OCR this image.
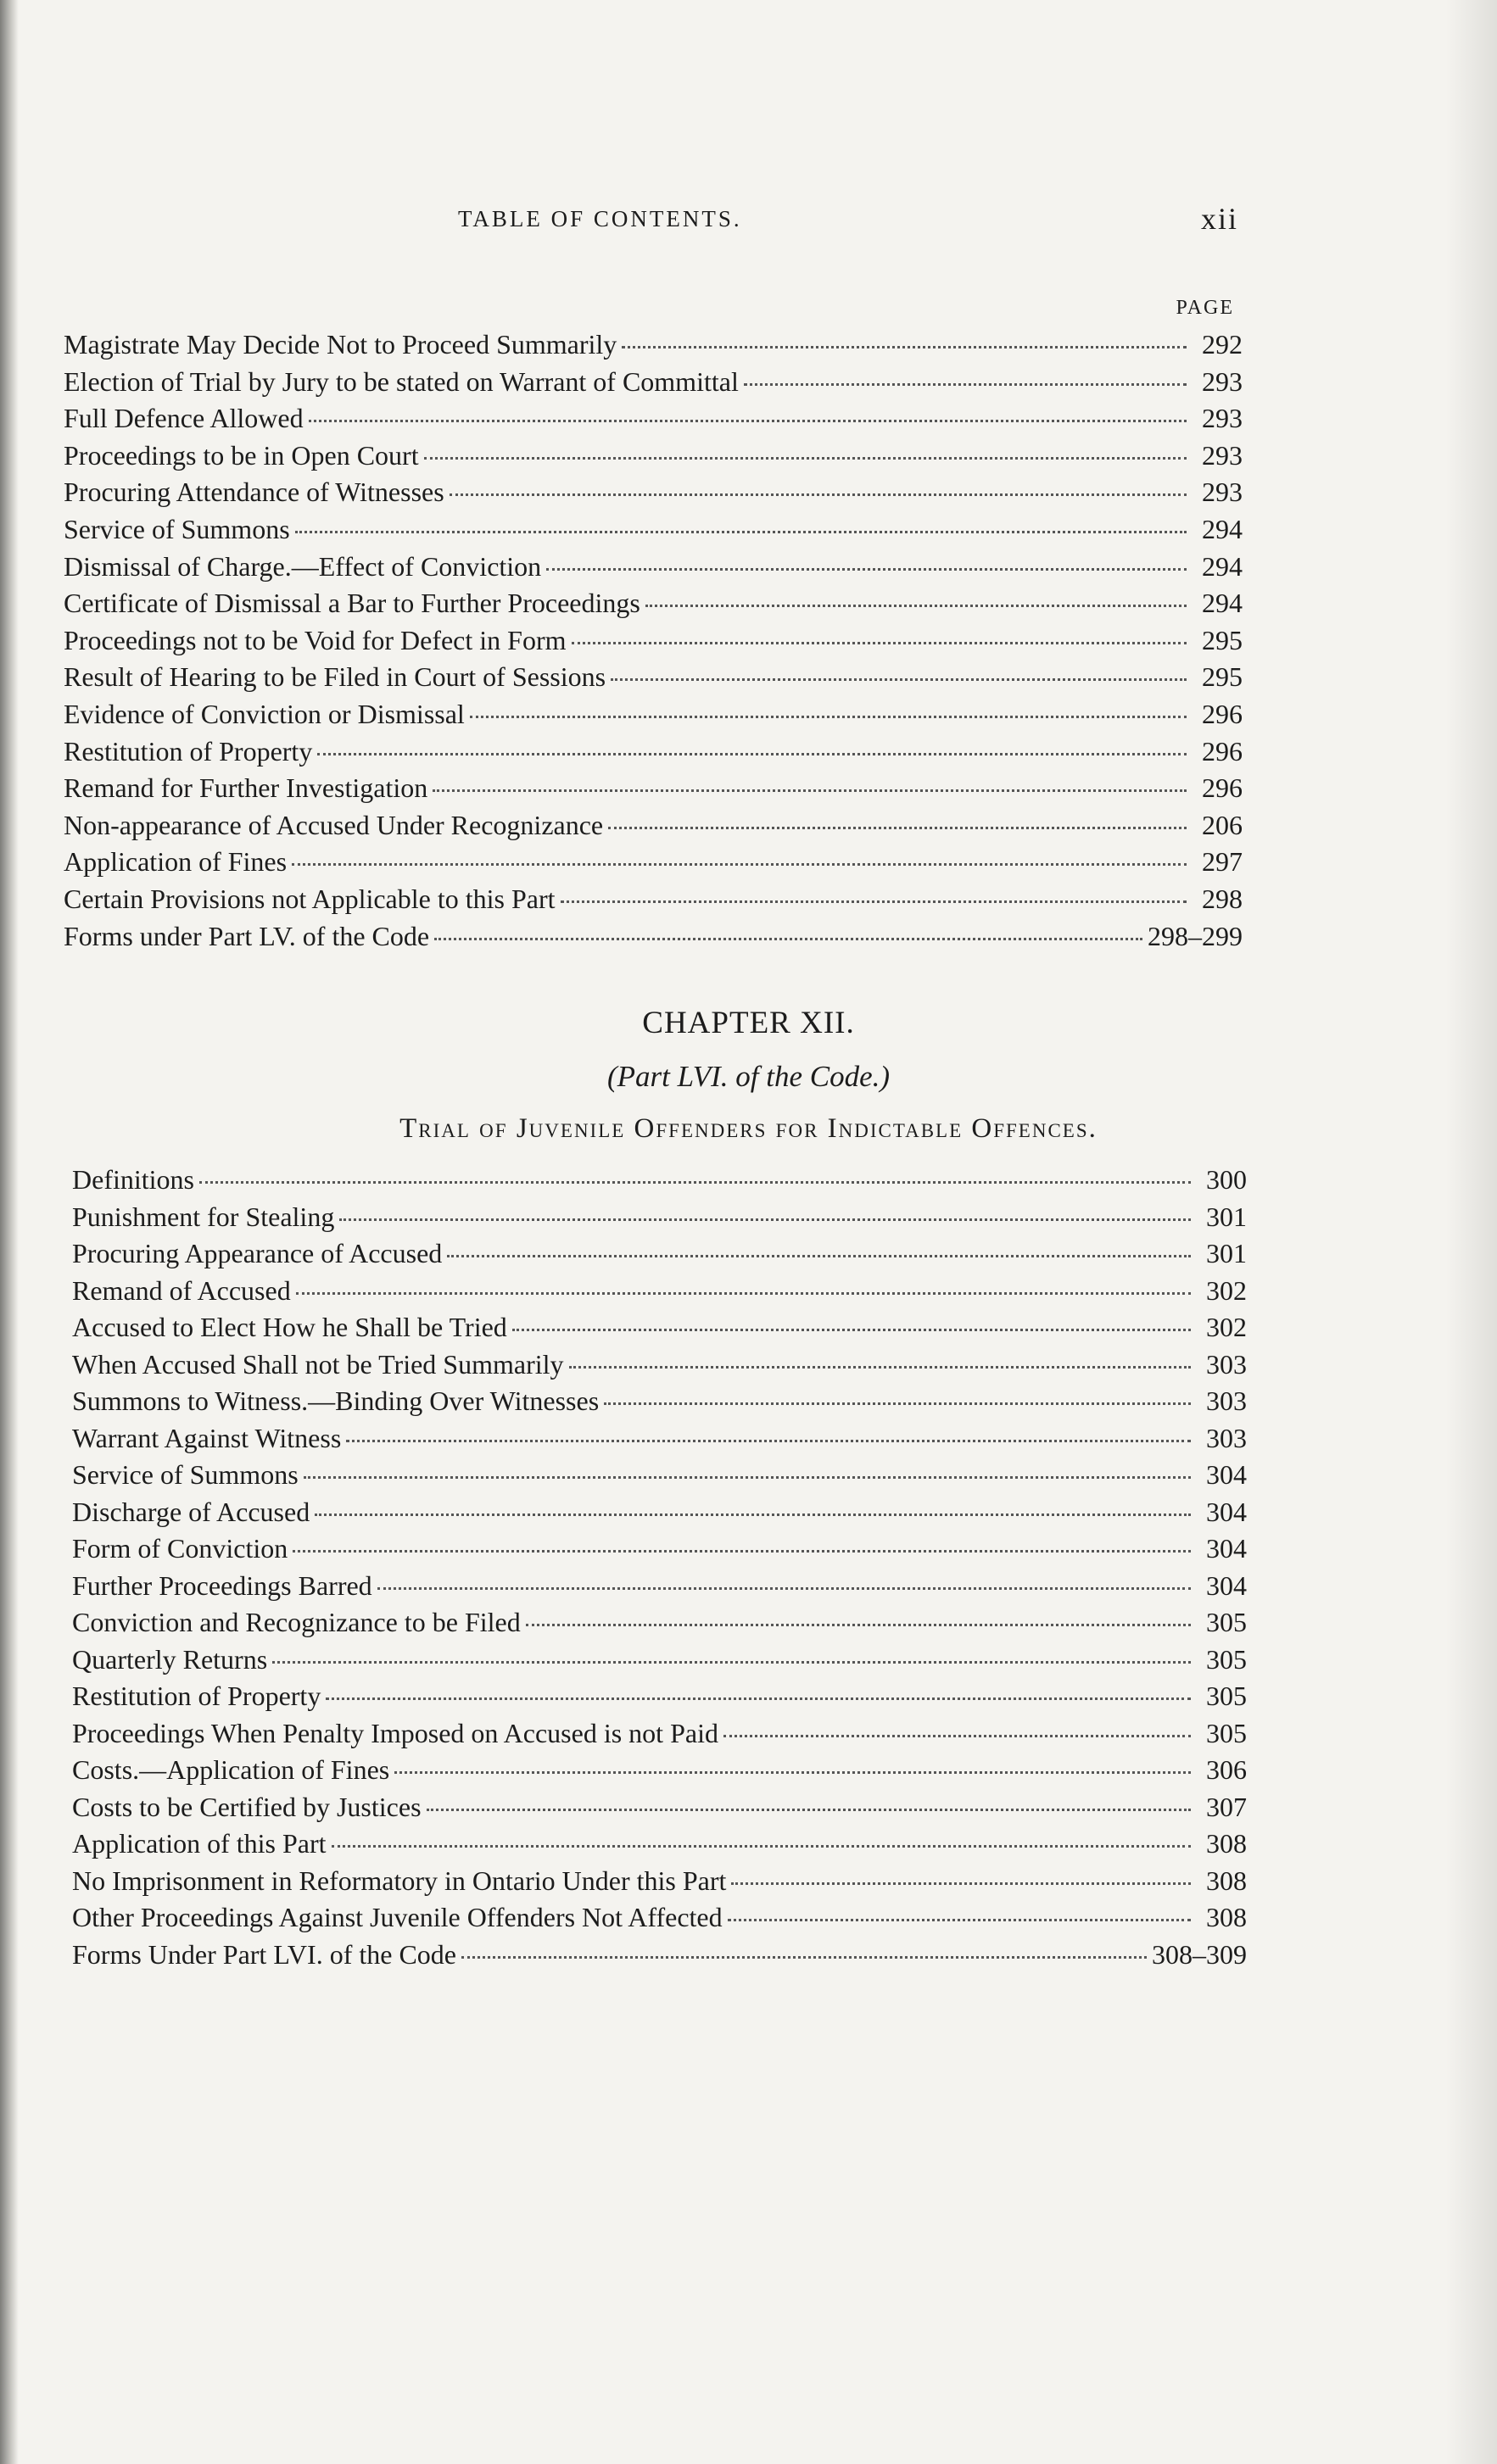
TABLE OF CONTENTS.	xii
PAGE
Magistrate May Decide Not to Proceed Summarily	292
Election of Trial by Jury to be stated on Warrant of Committal	293
Full Defence Allowed	293
Proceedings to be in Open Court	293
Procuring Attendance of Witnesses	293
Service of Summons	294
Dismissal of Charge.—Effect of Conviction	294
Certificate of Dismissal a Bar to Further Proceedings	294
Proceedings not to be Void for Defect in Form	295
Result of Hearing to be Filed in Court of Sessions	295
Evidence of Conviction or Dismissal	296
Restitution of Property	296
Remand for Further Investigation	296
Non-appearance of Accused Under Recognizance	206
Application of Fines	297
Certain Provisions not Applicable to this Part	298
Forms under Part LV. of the Code	298–299
CHAPTER XII.
(Part LVI. of the Code.)
Trial of Juvenile Offenders for Indictable Offences.
Definitions	300
Punishment for Stealing	301
Procuring Appearance of Accused	301
Remand of Accused	302
Accused to Elect How he Shall be Tried	302
When Accused Shall not be Tried Summarily	303
Summons to Witness.—Binding Over Witnesses	303
Warrant Against Witness	303
Service of Summons	304
Discharge of Accused	304
Form of Conviction	304
Further Proceedings Barred	304
Conviction and Recognizance to be Filed	305
Quarterly Returns	305
Restitution of Property	305
Proceedings When Penalty Imposed on Accused is not Paid	305
Costs.—Application of Fines	306
Costs to be Certified by Justices	307
Application of this Part	308
No Imprisonment in Reformatory in Ontario Under this Part	308
Other Proceedings Against Juvenile Offenders Not Affected	308
Forms Under Part LVI. of the Code	308–309
